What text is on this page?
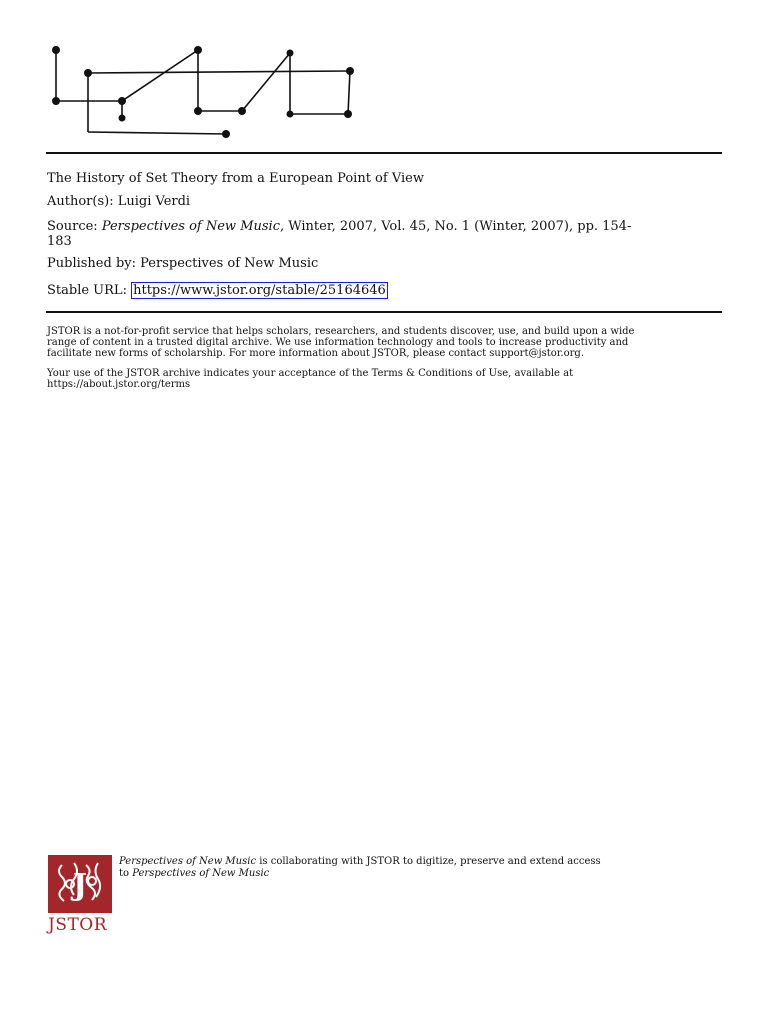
The History of Set Theory from a European Point of View
Author(s): Luigi Verdi
Source: Perspectives of New Music, Winter, 2007, Vol. 45, No. 1 (Winter, 2007), pp. 154-
183
Published by: Perspectives of New Music
Stable URL: https://www.jstor.org/stable/25164646
JSTOR is a not-for-profit service that helps scholars, researchers, and students discover, use, and build upon a wide
range of content in a trusted digital archive. We use information technology and tools to increase productivity and
facilitate new forms of scholarship. For more information about JSTOR, please contact support@jstor.org.
Your use of the JSTOR archive indicates your acceptance of the Terms & Conditions of Use, available at
https://about.jstor.org/terms
J
JSTOR
Perspectives of New Music is collaborating with JSTOR to digitize, preserve and extend access
to Perspectives of New Music
